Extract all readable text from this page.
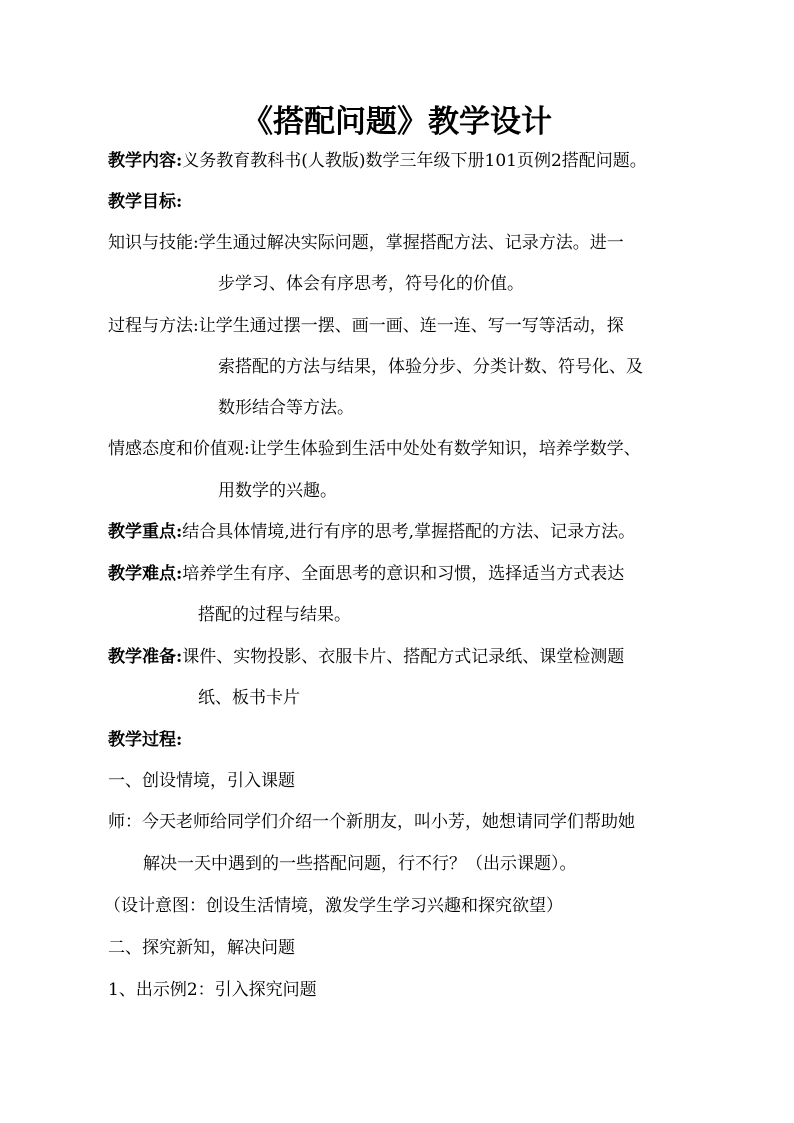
《搭配问题》教学设计
教学内容:义务教育教科书(人教版)数学三年级下册101页例2搭配问题。
教学目标:
知识与技能:学生通过解决实际问题，掌握搭配方法、记录方法。进一
步学习、体会有序思考，符号化的价值。
过程与方法:让学生通过摆一摆、画一画、连一连、写一写等活动，探
索搭配的方法与结果，体验分步、分类计数、符号化、及
数形结合等方法。
情感态度和价值观:让学生体验到生活中处处有数学知识，培养学数学、
用数学的兴趣。
教学重点:结合具体情境,进行有序的思考,掌握搭配的方法、记录方法。
教学难点:培养学生有序、全面思考的意识和习惯，选择适当方式表达
搭配的过程与结果。
教学准备:课件、实物投影、衣服卡片、搭配方式记录纸、课堂检测题
纸、板书卡片
教学过程:
一、创设情境，引入课题
师：今天老师给同学们介绍一个新朋友，叫小芳，她想请同学们帮助她
解决一天中遇到的一些搭配问题，行不行？（出示课题）。
（设计意图：创设生活情境，激发学生学习兴趣和探究欲望）
二、探究新知，解决问题
1、出示例2：引入探究问题
